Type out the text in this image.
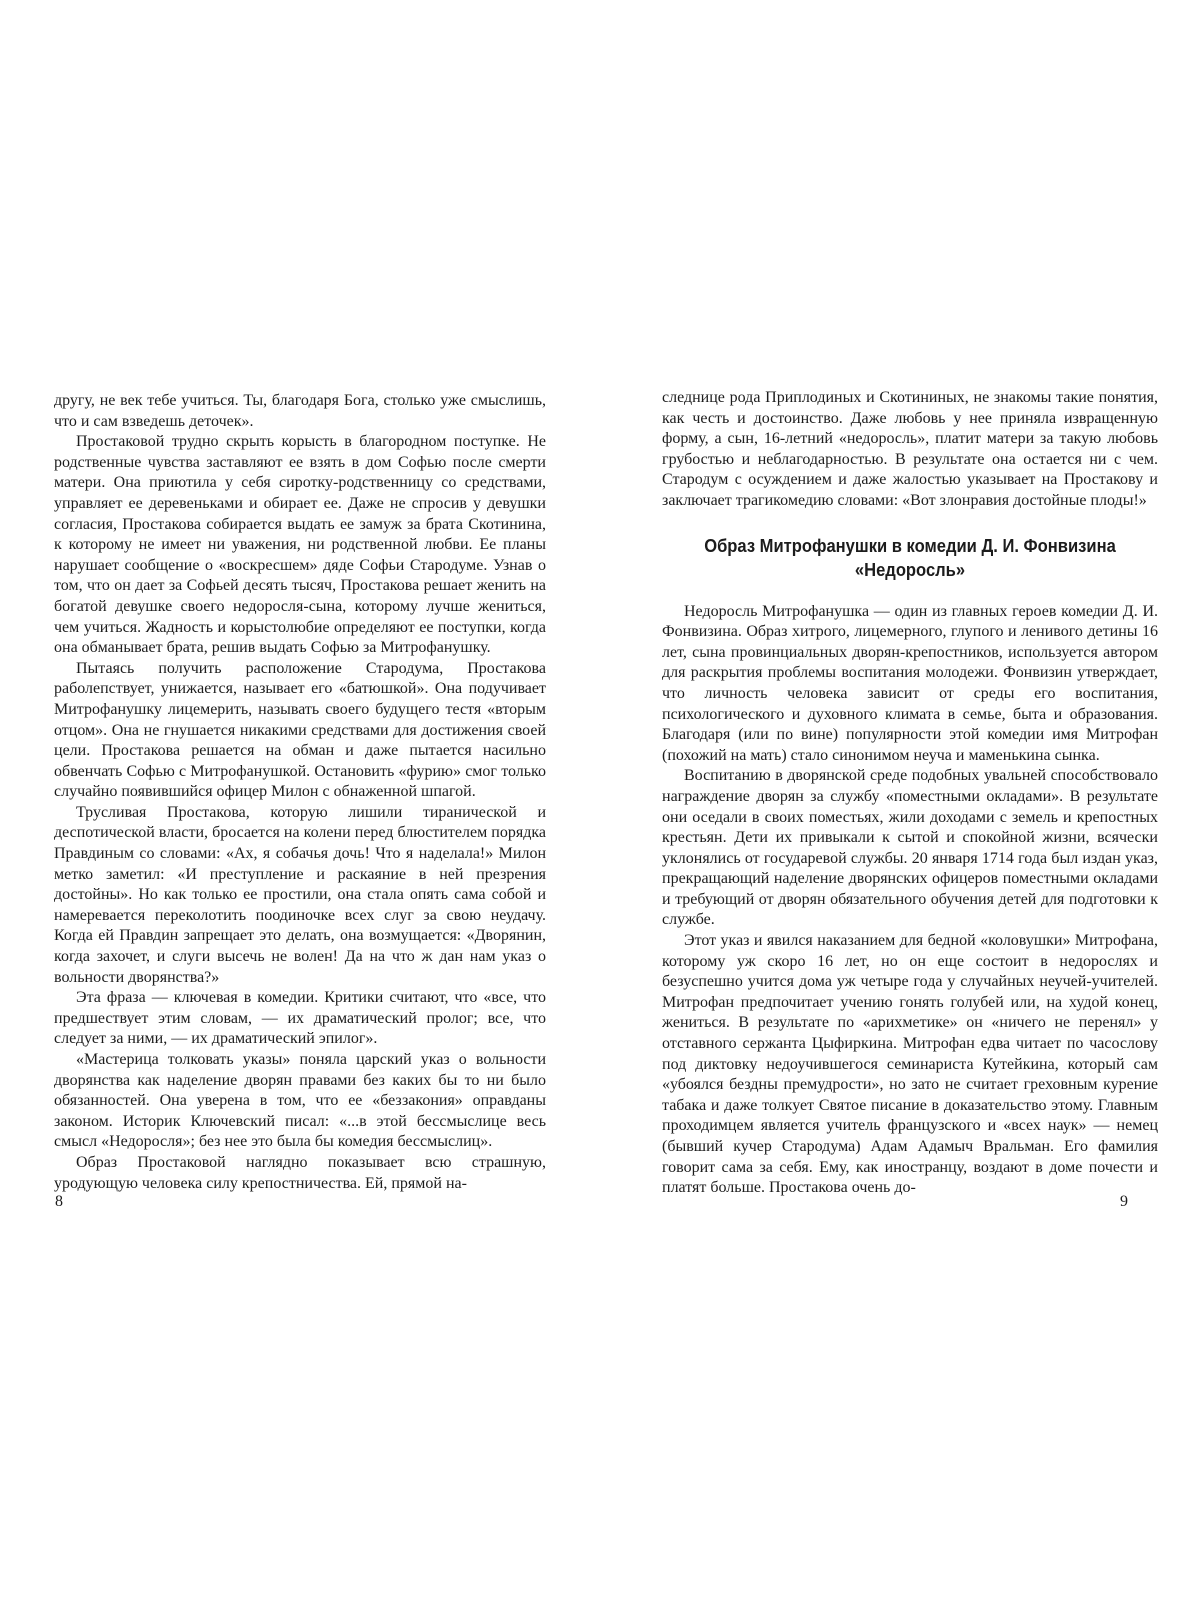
другу, не век тебе учиться. Ты, благодаря Бога, столько уже смыслишь, что и сам взведешь деточек».

Простаковой трудно скрыть корысть в благородном поступке. Не родственные чувства заставляют ее взять в дом Софью после смерти матери. Она приютила у себя сиротку-родственницу со средствами, управляет ее деревеньками и обирает ее. Даже не спросив у девушки согласия, Простакова собирается выдать ее замуж за брата Скотинина, к которому не имеет ни уважения, ни родственной любви. Ее планы нарушает сообщение о «воскресшем» дяде Софьи Стародуме. Узнав о том, что он дает за Софьей десять тысяч, Простакова решает женить на богатой девушке своего недоросля-сына, которому лучше жениться, чем учиться. Жадность и корыстолюбие определяют ее поступки, когда она обманывает брата, решив выдать Софью за Митрофанушку.

Пытаясь получить расположение Стародума, Простакова раболепствует, унижается, называет его «батюшкой». Она подучивает Митрофанушку лицемерить, называть своего будущего тестя «вторым отцом». Она не гнушается никакими средствами для достижения своей цели. Простакова решается на обман и даже пытается насильно обвенчать Софью с Митрофанушкой. Остановить «фурию» смог только случайно появившийся офицер Милон с обнаженной шпагой.

Трусливая Простакова, которую лишили тиранической и деспотической власти, бросается на колени перед блюстителем порядка Правдиным со словами: «Ах, я собачья дочь! Что я наделала!» Милон метко заметил: «И преступление и раскаяние в ней презрения достойны». Но как только ее простили, она стала опять сама собой и намеревается переколотить поодиночке всех слуг за свою неудачу. Когда ей Правдин запрещает это делать, она возмущается: «Дворянин, когда захочет, и слуги высечь не волен! Да на что ж дан нам указ о вольности дворянства?»

Эта фраза — ключевая в комедии. Критики считают, что «все, что предшествует этим словам, — их драматический пролог; все, что следует за ними, — их драматический эпилог».

«Мастерица толковать указы» поняла царский указ о вольности дворянства как наделение дворян правами без каких бы то ни было обязанностей. Она уверена в том, что ее «беззакония» оправданы законом. Историк Ключевский писал: «...в этой бессмыслице весь смысл «Недоросля»; без нее это была бы комедия бессмыслиц».

Образ Простаковой наглядно показывает всю страшную, уродующую человека силу крепостничества. Ей, прямой на-

8

следнице рода Приплодиных и Скотининых, не знакомы такие понятия, как честь и достоинство. Даже любовь у нее приняла извращенную форму, а сын, 16-летний «недоросль», платит матери за такую любовь грубостью и неблагодарностью. В результате она остается ни с чем. Стародум с осуждением и даже жалостью указывает на Простакову и заключает трагикомедию словами: «Вот злонравия достойные плоды!»

Образ Митрофанушки в комедии Д. И. Фонвизина «Недоросль»

Недоросль Митрофанушка — один из главных героев комедии Д. И. Фонвизина. Образ хитрого, лицемерного, глупого и ленивого детины 16 лет, сына провинциальных дворян-крепостников, используется автором для раскрытия проблемы воспитания молодежи. Фонвизин утверждает, что личность человека зависит от среды его воспитания, психологического и духовного климата в семье, быта и образования. Благодаря (или по вине) популярности этой комедии имя Митрофан (похожий на мать) стало синонимом неуча и маменькина сынка.

Воспитанию в дворянской среде подобных увальней способствовало награждение дворян за службу «поместными окладами». В результате они оседали в своих поместьях, жили доходами с земель и крепостных крестьян. Дети их привыкали к сытой и спокойной жизни, всячески уклонялись от государевой службы. 20 января 1714 года был издан указ, прекращающий наделение дворянских офицеров поместными окладами и требующий от дворян обязательного обучения детей для подготовки к службе.

Этот указ и явился наказанием для бедной «коловушки» Митрофана, которому уж скоро 16 лет, но он еще состоит в недорослях и безуспешно учится дома уж четыре года у случайных неучей-учителей. Митрофан предпочитает учению гонять голубей или, на худой конец, жениться. В результате по «арихметике» он «ничего не перенял» у отставного сержанта Цыфиркина. Митрофан едва читает по часослову под диктовку недоучившегося семинариста Кутейкина, который сам «убоялся бездны премудрости», но зато не считает греховным курение табака и даже толкует Святое писание в доказательство этому. Главным проходимцем является учитель французского и «всех наук» — немец (бывший кучер Стародума) Адам Адамыч Вральман. Его фамилия говорит сама за себя. Ему, как иностранцу, воздают в доме почести и платят больше. Простакова очень до-

9
